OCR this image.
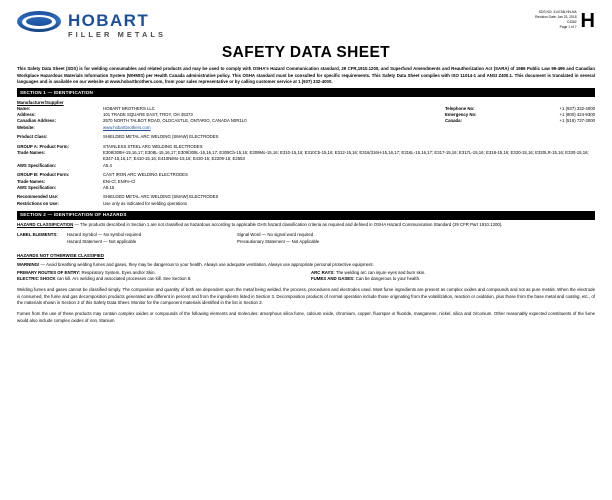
HOBART
FILLER METALS
SDS NO: 4147AB-HN-NA
Revision Date: Jan 23, 2018
C4382
Page 1 of 7 H
SAFETY DATA SHEET
This Safety Data Sheet (SDS) is for welding consumables and related products and may be used to comply with OSHA's Hazard Communication standard, 29 CFR,1910.1200, and Superfund Amendments and Reauthorization Act (SARA) of 1986 Public Law 99-499 and Canadian Workplace Hazardous Materials Information System (WHMIS) per Health Canada administrative policy. This OSHA standard must be consulted for specific requirements. This Safety Data Sheet complies with ISO 11014-1 and ANSI Z400.1. This document is translated in several languages and is available on our website at www.hobartbrothers.com, from your sales representative or by calling customer service at 1 (937) 332-4000.
SECTION 1 — IDENTIFICATION
Manufacturer/Supplier
Name:	HOBART BROTHERS LLC
Address:	101 TRADE SQUARE EAST, TROY, OH 45373
Canadian Address:	2570 NORTH TALBOT ROAD, OLDCASTLE, ONTARIO, CANADA N0R1L0
Website:	www.hobartbrothers.com
Telephone No:	+1 (937) 332-4000
Emergency No:	+1 (800) 424-9300
Canada:	+1 (519) 737-3000
Product Class:	SHIELDED METAL ARC WELDING (SMAW) ELECTRODES
GROUP A: Product Form:	STAINLESS STEEL ARC WELDING ELECTRODES
Trade Names:	E308/308H-15,16,17; E308L-15,16,17; E309/309L-15,16,17; E309Cb-15,16; E309Mo-15,16; E310-15,16; E310Cb-15,16; E312-15,16; E316/316H-15,16,17; E316L-15,16,17; E317-15,16; E317L-15,16; E318-15,16; E320-15,16; E320LR-15,16; E330-15,16; E347-15,16,17; E410-15,16; E410NiMo-15,16; E430-15; E2209-15; E2553
AWS Specification:	A5.4
GROUP B: Product Form:	CAST IRON ARC WELDING ELECTRODES
Trade Names:	ENi-Cl; ENiFe-Cl
AWS Specification:	A5.15
Recommended Use:	SHIELDED METAL ARC WELDING (SMAW) ELECTRODES
Restrictions on Use:	Use only as indicated for welding operations
SECTION 2 — IDENTIFICATION OF HAZARDS
HAZARD CLASSIFICATION — The products described in Section 1 are not classified as hazardous according to applicable GHS hazard classification criteria as required and defined in OSHA Hazard Communication Standard (29 CFR Part 1910.1200).
LABEL ELEMENTS:	Hazard Symbol — No symbol required	Signal Word — No signal word required
Hazard Statement — Not applicable	Precautionary Statement — Not Applicable
HAZARDS NOT OTHERWISE CLASSIFIED
WARNING! — Avoid breathing welding fumes and gases, they may be dangerous to your health. Always use adequate ventilation. Always use appropriate personal protective equipment.
PRIMARY ROUTES OF ENTRY: Respiratory System, Eyes and/or Skin.
ELECTRIC SHOCK can kill. Arc welding and associated processes can kill. See Section 8.
ARC RAYS: The welding arc can injure eyes and burn skin.
FUMES AND GASES: Can be dangerous to your health.
Welding fumes and gases cannot be classified simply. The composition and quantity of both are dependent upon the metal being welded, the process, procedures and electrodes used. Most fume ingredients are present as complex oxides and compounds and not as pure metals. When the electrode is consumed, the fume and gas decomposition products generated are different in percent and from the ingredients listed in Section 3. Decomposition products of normal operation include those originating from the volatilization, reaction or oxidation, plus those from the base metal and coating, etc., of the materials shown in Section 3 of this Safety Data Sheet. Monitor for the component materials identified in the list in Section 3.
Fumes from the use of these products may contain complex oxides or compounds of the following elements and molecules: amorphous silica fume, calcium oxide, chromium, copper, fluorspar or fluoride, manganese, nickel, silica and zirconium. Other reasonably expected constituents of the fume would also include complex oxides of iron, titanium
